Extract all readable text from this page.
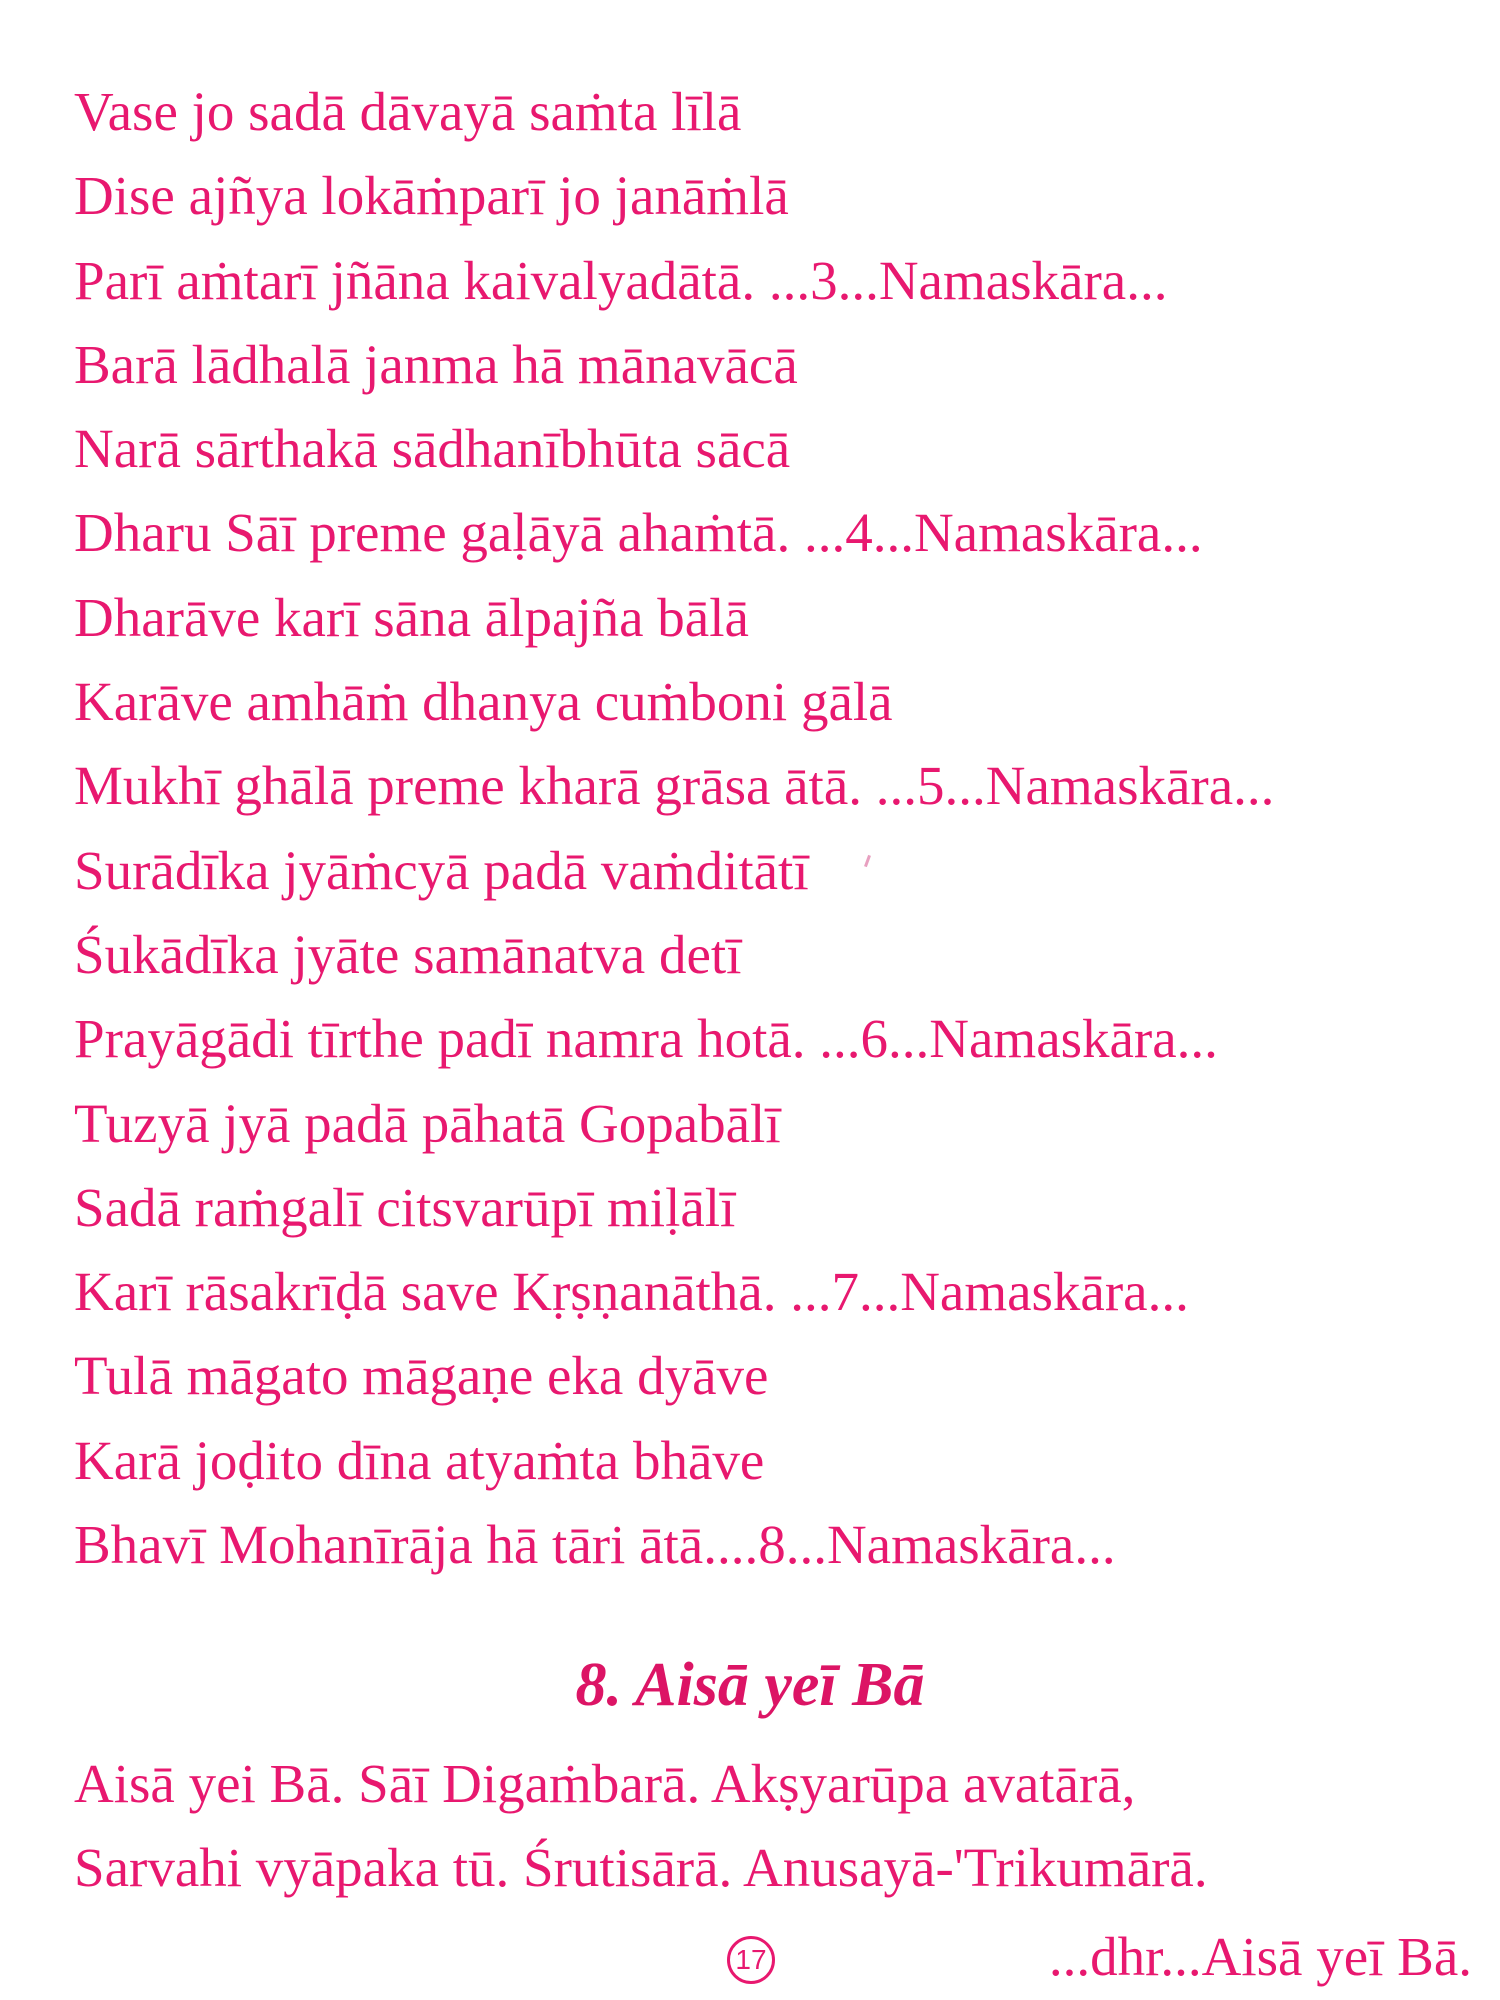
Vase jo sadā dāvayā saṁta līlā
Dise ajñya lokāṁparī jo janāṁlā
Parī aṁtarī jñāna kaivalyadātā. ...3...Namaskāra...
Barā lādhalā janma hā mānavācā
Narā sārthakā sādhanībhūta sācā
Dharu Sāī preme gaḷāyā ahaṁtā. ...4...Namaskāra...
Dharāve karī sāna ālpajña bālā
Karāve amhāṁ dhanya cuṁboni gālā
Mukhī ghālā preme kharā grāsa ātā. ...5...Namaskāra...
Surādīka jyāṁcyā padā vaṁditātī
Śukādīka jyāte samānatva detī
Prayāgādi tīrthe padī namra hotā. ...6...Namaskāra...
Tuzyā jyā padā pāhatā Gopabālī
Sadā raṁgalī citsvarūpī miḷālī
Karī rāsakrīḍā save Kṛṣṇanāthā. ...7...Namaskāra...
Tulā māgato māgaṇe eka dyāve
Karā joḍito dīna atyaṁta bhāve
Bhavī Mohanīrāja hā tāri ātā....8...Namaskāra...
8. Aisā yeī Bā
Aisā yei Bā. Sāī Digaṁbarā. Akṣyarūpa avatārā,
Sarvahi vyāpaka tū. Śrutisārā. Anusayā-'Trikumārā.
17	...dhr...Aisā yeī Bā.
